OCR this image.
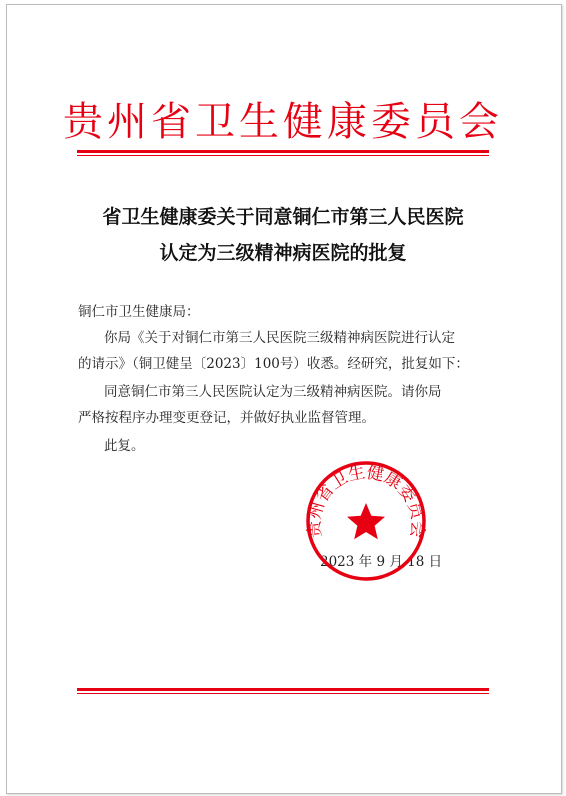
贵州省卫生健康委员会
省卫生健康委关于同意铜仁市第三人民医院
认定为三级精神病医院的批复
铜仁市卫生健康局：
你局《关于对铜仁市第三人民医院三级精神病医院进行认定
的请示》（铜卫健呈〔2023〕100号）收悉。经研究，批复如下：
同意铜仁市第三人民医院认定为三级精神病医院。请你局
严格按程序办理变更登记，并做好执业监督管理。
此复。
2023 年 9 月 18 日
贵州省卫生健康委员会
